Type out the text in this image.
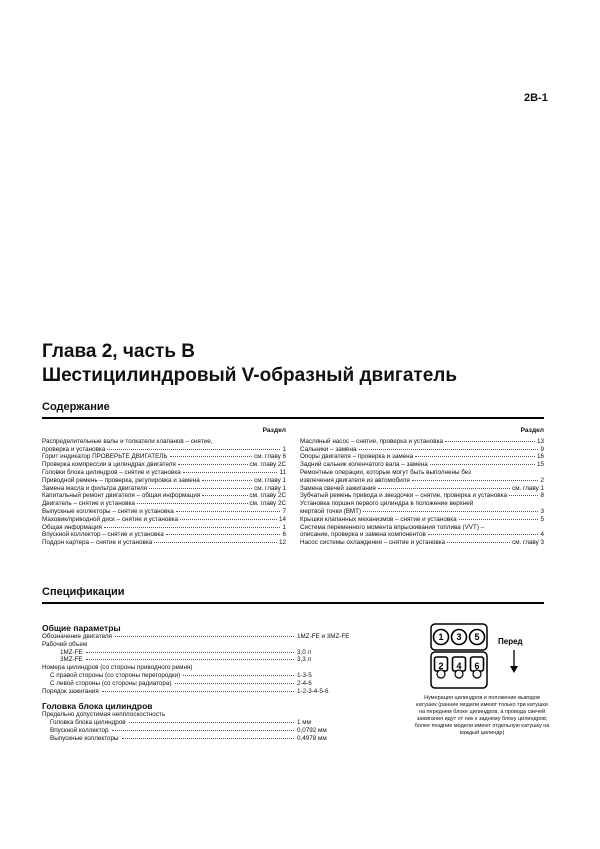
2B-1
Глава 2, часть В
Шестицилиндровый V-образный двигатель
Содержание
Раздел
Распределительные валы и толкатели клапанов – снятие,
проверка и установка	1
Горит индикатор ПРОВЕРЬТЕ ДВИГАТЕЛЬ	см. главу 6
Проверка компрессии в цилиндрах двигателя	см. главу 2С
Головки блока цилиндров – снятие и установка	11
Приводной ремень – проверка, регулировка и замена	см. главу 1
Замена масла и фильтра двигателя	см. главу 1
Капитальный ремонт двигателя – общая информация	см. главу 2С
Двигатель – снятие и установка	см. главу 2С
Выпускные коллекторы – снятие и установка	7
Маховик/приводной диск – снятие и установка	14
Общая информация	1
Впускной коллектор – снятие и установка	6
Поддон картера – снятие и установка	12
Раздел
Масляный насос – снятие, проверка и установка	13
Сальники – замена	9
Опоры двигателя – проверка и замена	16
Задний сальник коленчатого вала – замена	15
Ремонтные операции, которые могут быть выполнены без
извлечения двигателя из автомобиля	2
Замена свечей зажигания	см. главу 1
Зубчатый ремень привода и звездочки – снятие, проверка и установка	8
Установка поршня первого цилиндра в положение верхней
мертвой точки (ВМТ)	3
Крышки клапанных механизмов – снятие и установка	5
Система переменного момента впрыскивания топлива (VVT) –
описание, проверка и замена компонентов	4
Насос системы охлаждения – снятие и установка	см. главу 3
Спецификации
Общие параметры
Обозначение двигателя	1MZ-FE и 3MZ-FE
Рабочий объем
1MZ-FE	3,0 л
3MZ-FE	3,3 л
Номера цилиндров (со стороны приводного ремня)
С правой стороны (со стороны перегородки)	1-3-5
С левой стороны (со стороны радиатора)	2-4-6
Порядок зажигания	1-2-3-4-5-6
Головка блока цилиндров
Предельно допустимая непплоскостность
Головка блока цилиндров	1 мм
Впускной коллектор	0,0792 мм
Выпускные коллекторы	0,4978 мм
1 3 5
2 4 6
Перед
Нумерация цилиндров и положение выводов катушек (ранние модели имеют только три катушки на переднем блоке цилиндров, а провода свечей зажигания идут от них к заднему блоку цилиндров; более поздние модели имеют отдельную катушку на каждый цилиндр)
